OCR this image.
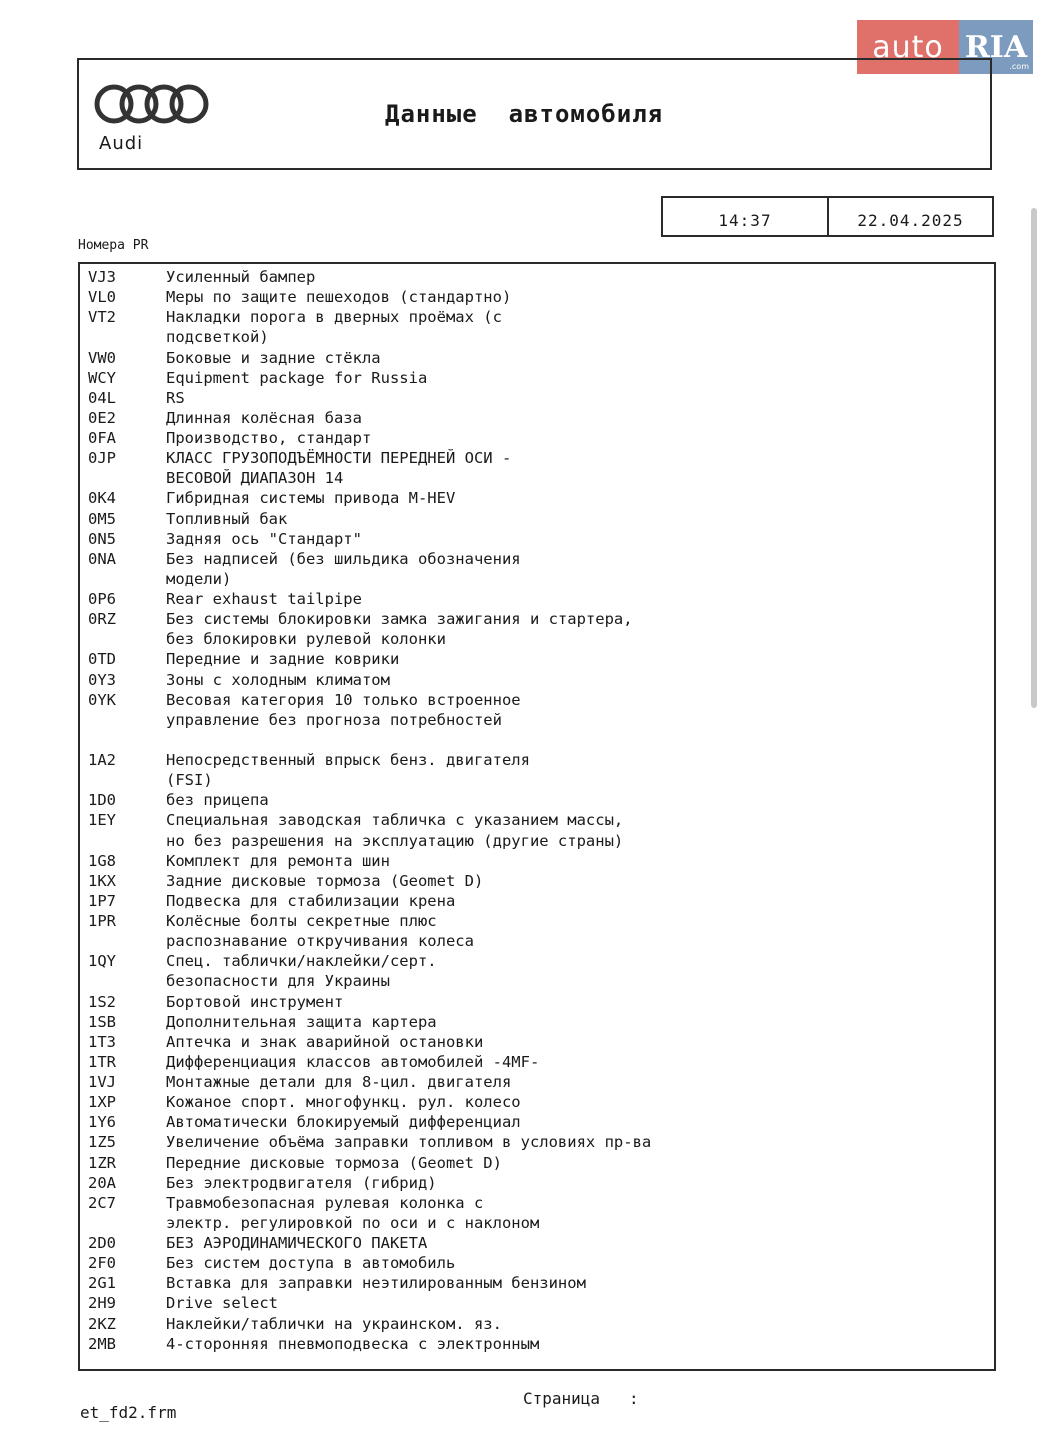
auto RIA
.com
Audi
Данные  автомобиля
14:37	22.04.2025
Номера PR
VJ3	Усиленный бампер
VL0	Меры по защите пешеходов (стандартно)
VT2	Накладки порога в дверных проёмах (с
подсветкой)
VW0	Боковые и задние стёкла
WCY	Equipment package for Russia
04L	RS
0E2	Длинная колёсная база
0FA	Производство, стандарт
0JP	КЛАСС ГРУЗОПОДЪЁМНОСТИ ПЕРЕДНЕЙ ОСИ -
ВЕСОВОЙ ДИАПАЗОН 14
0K4	Гибридная системы привода M-HEV
0M5	Топливный бак
0N5	Задняя ось "Стандарт"
0NA	Без надписей (без шильдика обозначения
модели)
0P6	Rear exhaust tailpipe
0RZ	Без системы блокировки замка зажигания и стартера,
без блокировки рулевой колонки
0TD	Передние и задние коврики
0Y3	Зоны с холодным климатом
0YK	Весовая категория 10 только встроенное
управление без прогноза потребностей
1A2	Непосредственный впрыск бенз. двигателя
(FSI)
1D0	без прицепа
1EY	Специальная заводская табличка с указанием массы,
но без разрешения на эксплуатацию (другие страны)
1G8	Комплект для ремонта шин
1KX	Задние дисковые тормоза (Geomet D)
1P7	Подвеска для стабилизации крена
1PR	Колёсные болты секретные плюс
распознавание откручивания колеса
1QY	Спец. таблички/наклейки/серт.
безопасности для Украины
1S2	Бортовой инструмент
1SB	Дополнительная защита картера
1T3	Аптечка и знак аварийной остановки
1TR	Дифференциация классов автомобилей -4MF-
1VJ	Монтажные детали для 8-цил. двигателя
1XP	Кожаное спорт. многофункц. рул. колесо
1Y6	Автоматически блокируемый дифференциал
1Z5	Увеличение объёма заправки топливом в условиях пр-ва
1ZR	Передние дисковые тормоза (Geomet D)
20A	Без электродвигателя (гибрид)
2C7	Травмобезопасная рулевая колонка с
электр. регулировкой по оси и с наклоном
2D0	БЕЗ АЭРОДИНАМИЧЕСКОГО ПАКЕТА
2F0	Без систем доступа в автомобиль
2G1	Вставка для заправки неэтилированным бензином
2H9	Drive select
2KZ	Наклейки/таблички на украинском. яз.
2MB	4-сторонняя пневмоподвеска с электронным
Страница   :
et_fd2.frm
